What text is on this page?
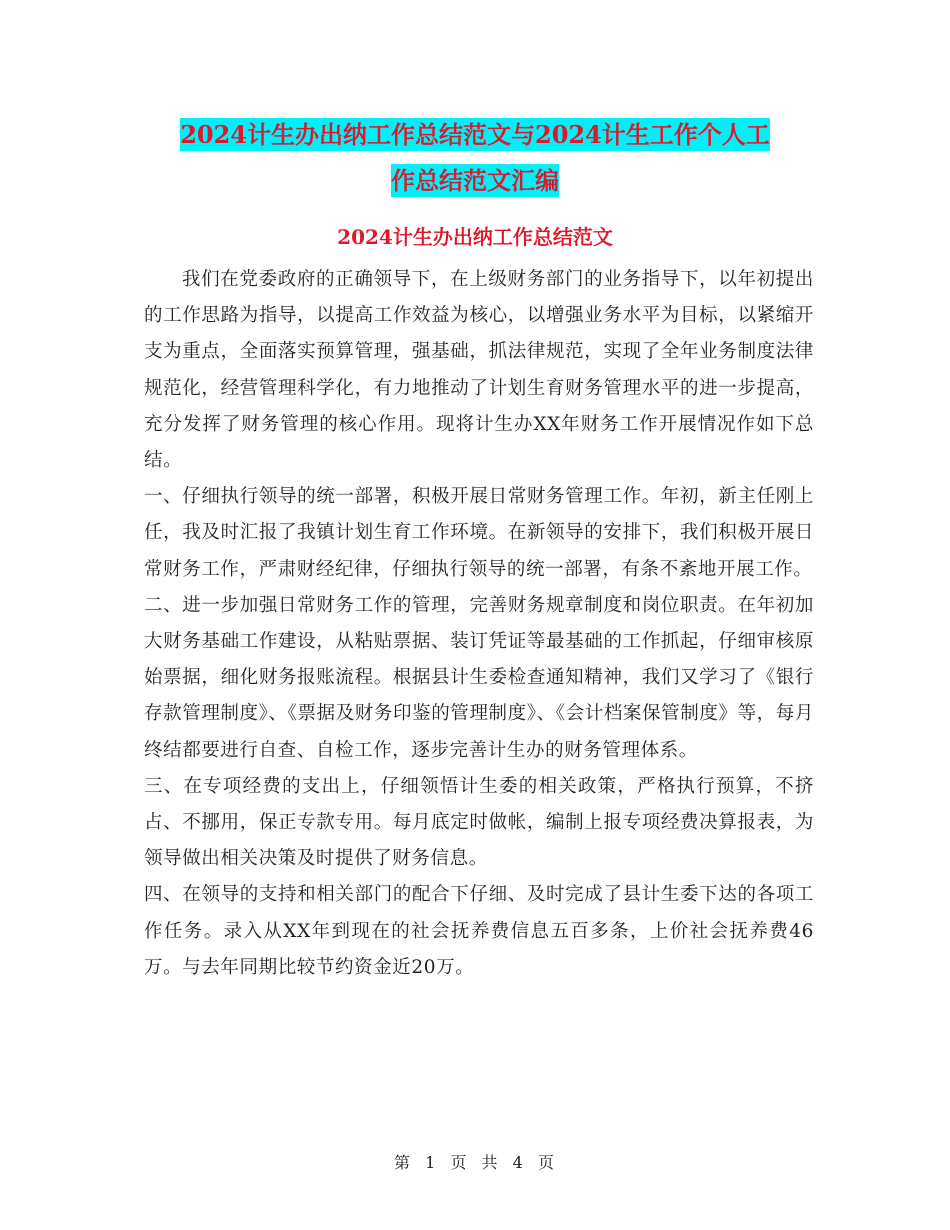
2024计生办出纳工作总结范文与2024计生工作个人工
作总结范文汇编
2024计生办出纳工作总结范文

我们在党委政府的正确领导下，在上级财务部门的业务指导下，以年初提出的工作思路为指导，以提高工作效益为核心，以增强业务水平为目标，以紧缩开支为重点，全面落实预算管理，强基础，抓法律规范，实现了全年业务制度法律规范化，经营管理科学化，有力地推动了计划生育财务管理水平的进一步提高，充分发挥了财务管理的核心作用。现将计生办XX年财务工作开展情况作如下总结。

一、仔细执行领导的统一部署，积极开展日常财务管理工作。年初，新主任刚上任，我及时汇报了我镇计划生育工作环境。在新领导的安排下，我们积极开展日常财务工作，严肃财经纪律，仔细执行领导的统一部署，有条不紊地开展工作。

二、进一步加强日常财务工作的管理，完善财务规章制度和岗位职责。在年初加大财务基础工作建设，从粘贴票据、装订凭证等最基础的工作抓起，仔细审核原始票据，细化财务报账流程。根据县计生委检查通知精神，我们又学习了《银行存款管理制度》、《票据及财务印鉴的管理制度》、《会计档案保管制度》等，每月终结都要进行自查、自检工作，逐步完善计生办的财务管理体系。

三、在专项经费的支出上，仔细领悟计生委的相关政策，严格执行预算，不挤占、不挪用，保正专款专用。每月底定时做帐，编制上报专项经费决算报表，为领导做出相关决策及时提供了财务信息。

四、在领导的支持和相关部门的配合下仔细、及时完成了县计生委下达的各项工作任务。录入从XX年到现在的社会抚养费信息五百多条，上价社会抚养费46万。与去年同期比较节约资金近20万。

第 1 页 共 4 页
